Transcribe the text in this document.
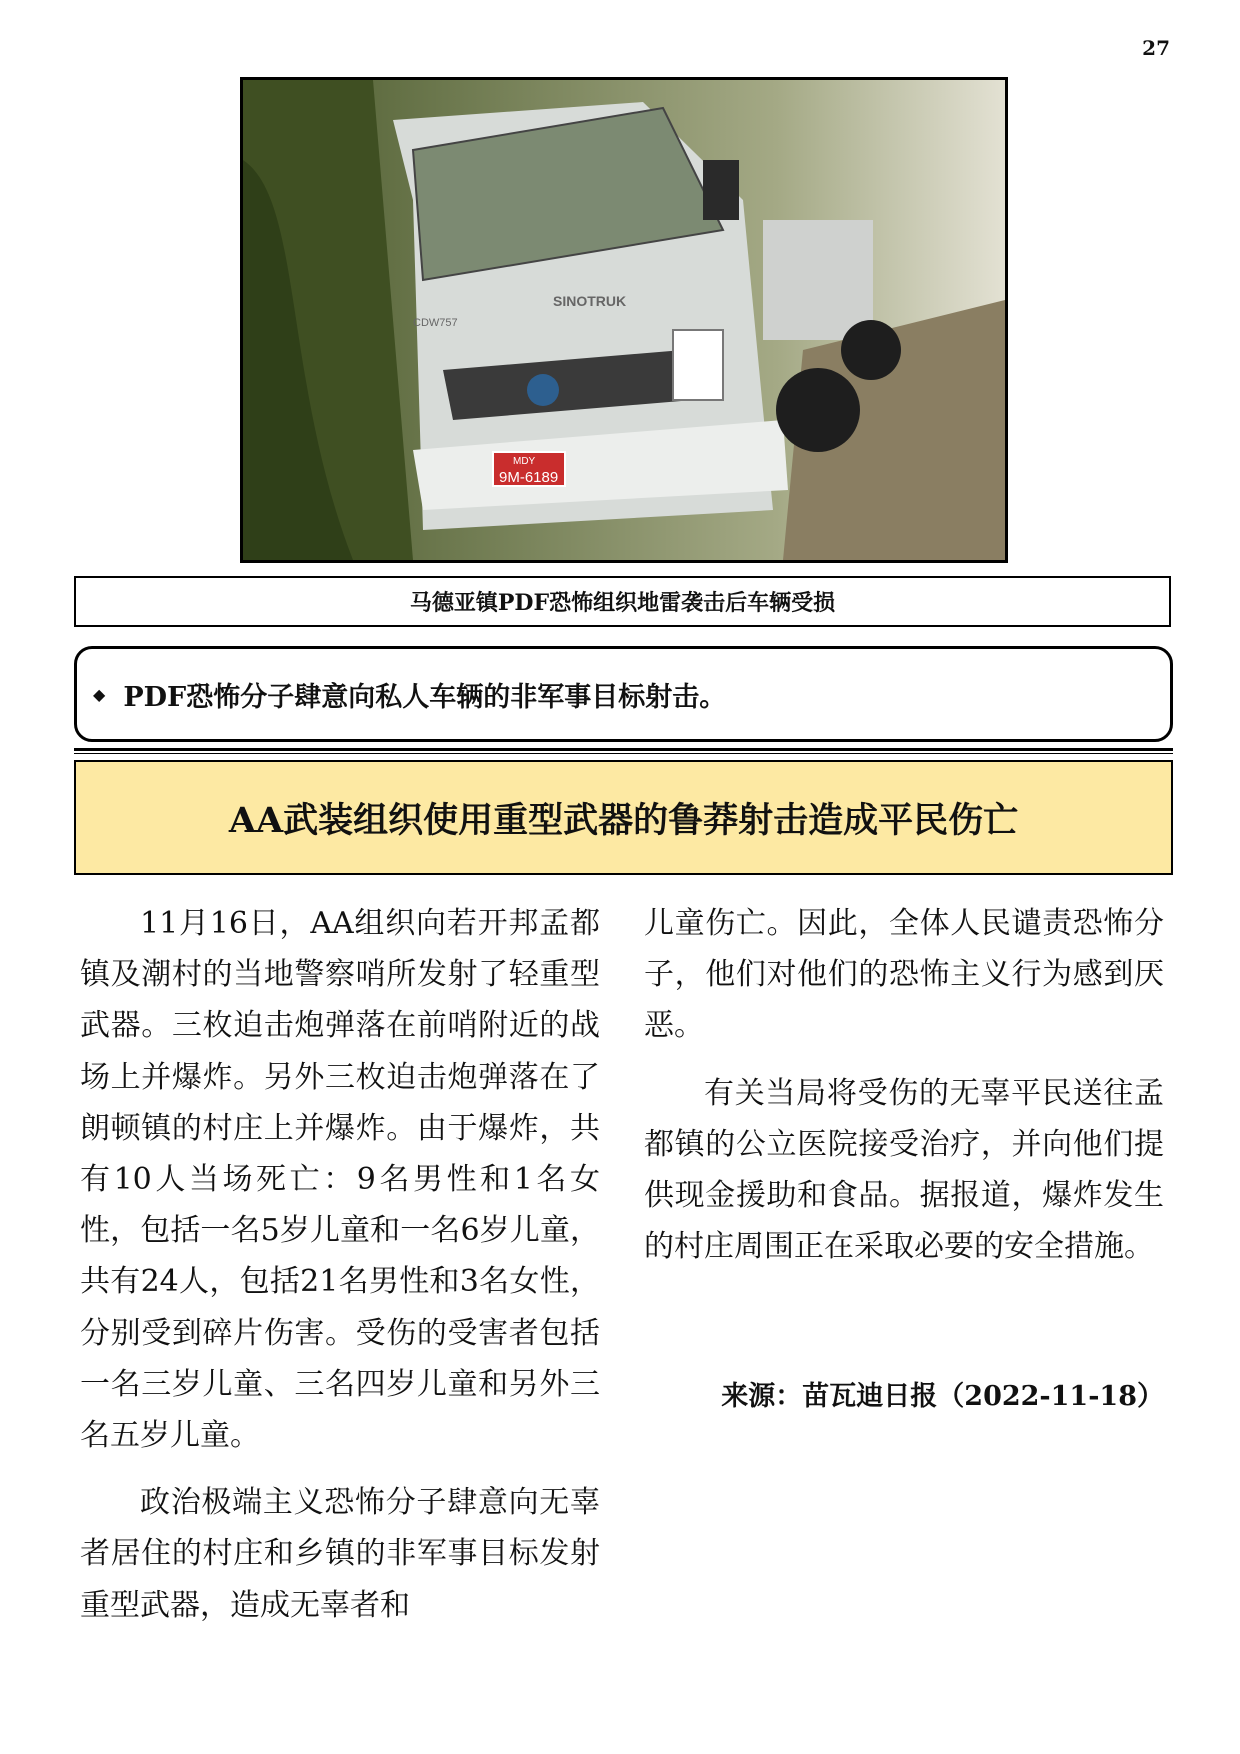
27
SINOTRUK
CDW757
MDY
9M-6189
马德亚镇PDF恐怖组织地雷袭击后车辆受损
◆ PDF恐怖分子肆意向私人车辆的非军事目标射击。
AA武装组织使用重型武器的鲁莽射击造成平民伤亡

11月16日，AA组织向若开邦孟都镇及潮村的当地警察哨所发射了轻重型武器。三枚迫击炮弹落在前哨附近的战场上并爆炸。另外三枚迫击炮弹落在了朗顿镇的村庄上并爆炸。由于爆炸，共有10人当场死亡：9名男性和1名女性，包括一名5岁儿童和一名6岁儿童，共有24人，包括21名男性和3名女性，分别受到碎片伤害。受伤的受害者包括一名三岁儿童、三名四岁儿童和另外三名五岁儿童。

政治极端主义恐怖分子肆意向无辜者居住的村庄和乡镇的非军事目标发射重型武器，造成无辜者和

儿童伤亡。因此，全体人民谴责恐怖分子，他们对他们的恐怖主义行为感到厌恶。

有关当局将受伤的无辜平民送往孟都镇的公立医院接受治疗，并向他们提供现金援助和食品。据报道，爆炸发生的村庄周围正在采取必要的安全措施。

来源：苗瓦迪日报（2022-11-18）
